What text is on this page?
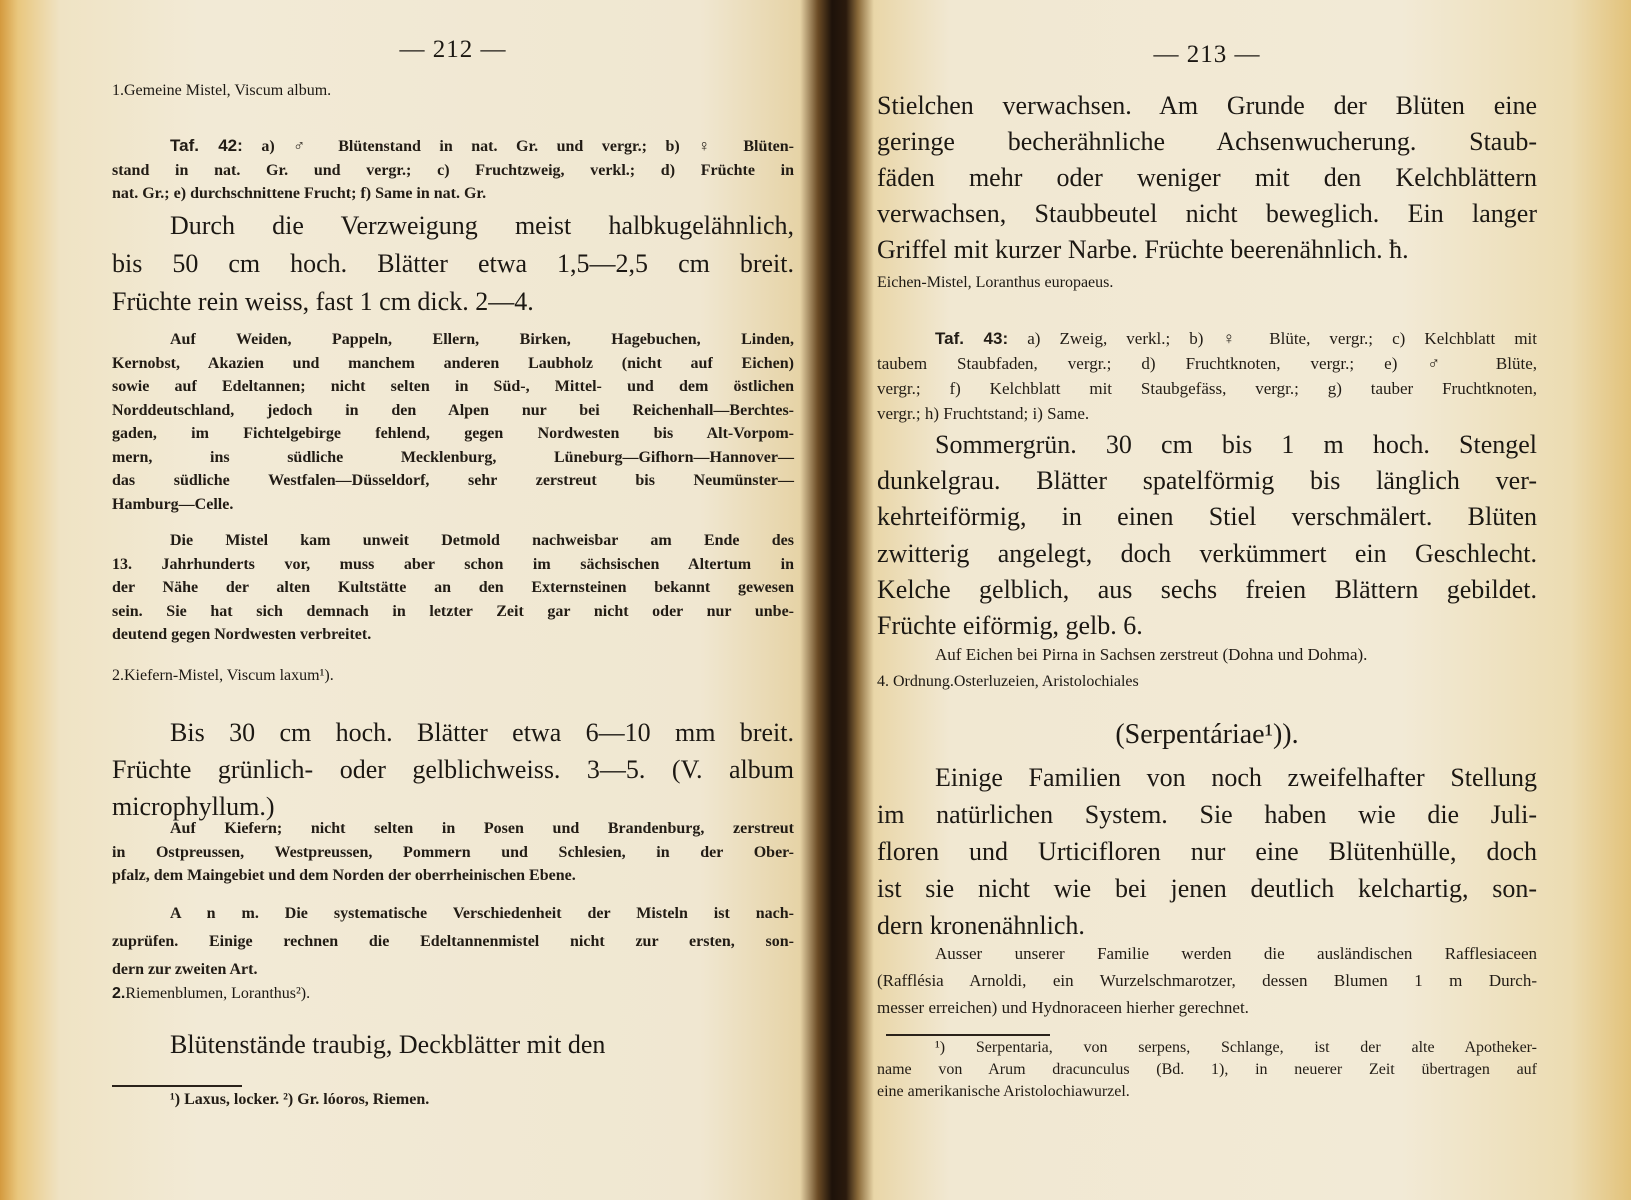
— 212 —
1.Gemeine Mistel, Viscum album.
Taf. 42: a) ♂ Blütenstand in nat. Gr. und vergr.; b) ♀ Blüten-
stand in nat. Gr. und vergr.; c) Fruchtzweig, verkl.; d) Früchte in
nat. Gr.; e) durchschnittene Frucht; f) Same in nat. Gr.
Durch die Verzweigung meist halbkugelähnlich,
bis 50 cm hoch. Blätter etwa 1,5—2,5 cm breit.
Früchte rein weiss, fast 1 cm dick. 2—4.
Auf Weiden, Pappeln, Ellern, Birken, Hagebuchen, Linden,
Kernobst, Akazien und manchem anderen Laubholz (nicht auf Eichen)
sowie auf Edeltannen; nicht selten in Süd-, Mittel- und dem östlichen
Norddeutschland, jedoch in den Alpen nur bei Reichenhall—Berchtes-
gaden, im Fichtelgebirge fehlend, gegen Nordwesten bis Alt-Vorpom-
mern, ins südliche Mecklenburg, Lüneburg—Gifhorn—Hannover—
das südliche Westfalen—Düsseldorf, sehr zerstreut bis Neumünster—
Hamburg—Celle.
Die Mistel kam unweit Detmold nachweisbar am Ende des
13. Jahrhunderts vor, muss aber schon im sächsischen Altertum in
der Nähe der alten Kultstätte an den Externsteinen bekannt gewesen
sein. Sie hat sich demnach in letzter Zeit gar nicht oder nur unbe-
deutend gegen Nordwesten verbreitet.
2.Kiefern-Mistel, Viscum laxum¹).
Bis 30 cm hoch. Blätter etwa 6—10 mm breit.
Früchte grünlich- oder gelblichweiss. 3—5. (V. album
microphyllum.)
Auf Kiefern; nicht selten in Posen und Brandenburg, zerstreut
in Ostpreussen, Westpreussen, Pommern und Schlesien, in der Ober-
pfalz, dem Maingebiet und dem Norden der oberrheinischen Ebene.
A n m. Die systematische Verschiedenheit der Misteln ist nach-
zuprüfen. Einige rechnen die Edeltannenmistel nicht zur ersten, son-
dern zur zweiten Art.
2.Riemenblumen, Loranthus²).
Blütenstände traubig, Deckblätter mit den
¹) Laxus, locker. ²) Gr. lóoros, Riemen.
— 213 —
Stielchen verwachsen. Am Grunde der Blüten eine
geringe becherähnliche Achsenwucherung. Staub-
fäden mehr oder weniger mit den Kelchblättern
verwachsen, Staubbeutel nicht beweglich. Ein langer
Griffel mit kurzer Narbe. Früchte beerenähnlich. ħ.
Eichen-Mistel, Loranthus europaeus.
Taf. 43: a) Zweig, verkl.; b) ♀ Blüte, vergr.; c) Kelchblatt mit
taubem Staubfaden, vergr.; d) Fruchtknoten, vergr.; e) ♂ Blüte,
vergr.; f) Kelchblatt mit Staubgefäss, vergr.; g) tauber Fruchtknoten,
vergr.; h) Fruchtstand; i) Same.
Sommergrün. 30 cm bis 1 m hoch. Stengel
dunkelgrau. Blätter spatelförmig bis länglich ver-
kehrteiförmig, in einen Stiel verschmälert. Blüten
zwitterig angelegt, doch verkümmert ein Geschlecht.
Kelche gelblich, aus sechs freien Blättern gebildet.
Früchte eiförmig, gelb. 6.
Auf Eichen bei Pirna in Sachsen zerstreut (Dohna und Dohma).
4. Ordnung.Osterluzeien, Aristolochiales
(Serpentáriae¹)).
Einige Familien von noch zweifelhafter Stellung
im natürlichen System. Sie haben wie die Juli-
floren und Urticifloren nur eine Blütenhülle, doch
ist sie nicht wie bei jenen deutlich kelchartig, son-
dern kronenähnlich.
Ausser unserer Familie werden die ausländischen Rafflesiaceen
(Rafflésia Arnoldi, ein Wurzelschmarotzer, dessen Blumen 1 m Durch-
messer erreichen) und Hydnoraceen hierher gerechnet.
¹) Serpentaria, von serpens, Schlange, ist der alte Apotheker-
name von Arum dracunculus (Bd. 1), in neuerer Zeit übertragen auf
eine amerikanische Aristolochiawurzel.
